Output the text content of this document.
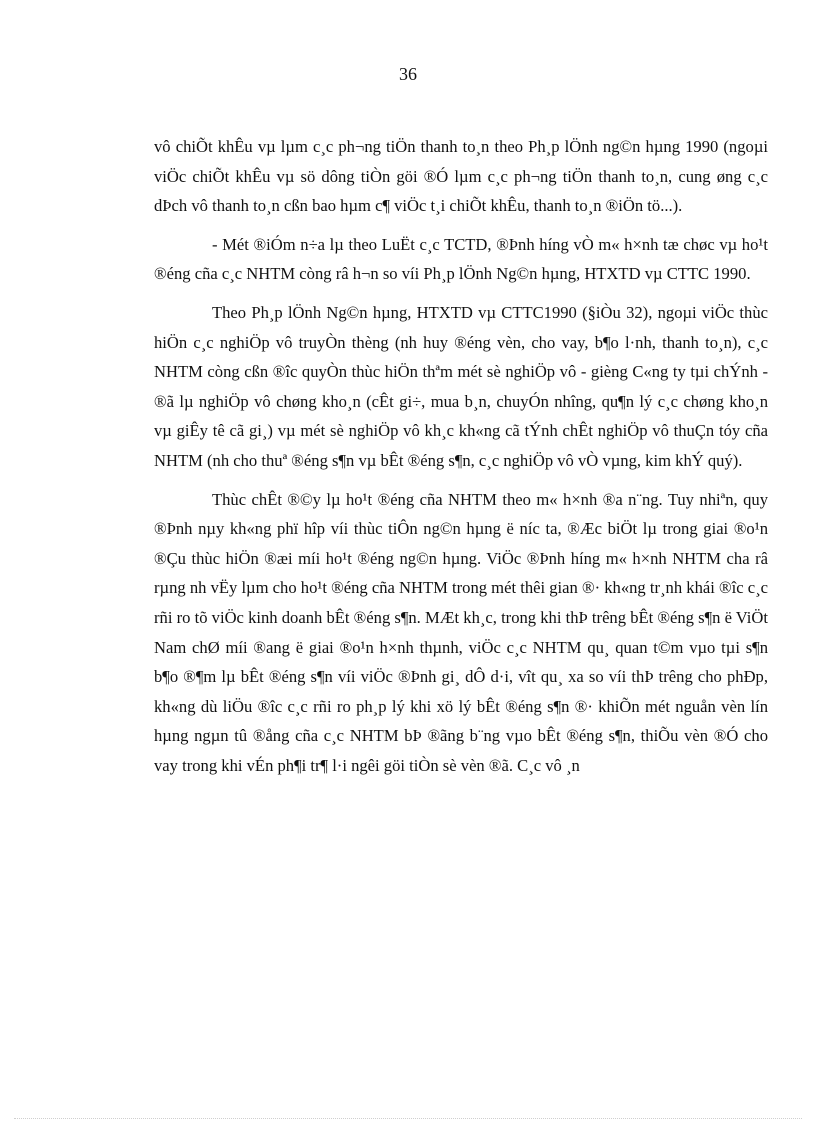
36

vô chiÕt khÊu vµ lµm c¸c ph¬ng tiÖn thanh to¸n theo Ph¸p lÖnh ng©n hµng 1990 (ngoµi viÖc chiÕt khÊu vµ sö dông tiÒn göi ®Ó lµm c¸c ph¬ng tiÖn thanh to¸n, cung øng c¸c dÞch vô thanh to¸n cßn bao hµm c¶ viÖc t¸i chiÕt khÊu, thanh to¸n ®iÖn tö...).

- Mét ®iÓm n÷a lµ theo LuËt c¸c TCTD, ®Þnh híng vÒ m« h×nh tæ chøc vµ ho¹t ®éng cña c¸c NHTM còng râ h¬n so víi Ph¸p lÖnh Ng©n hµng, HTXTD vµ CTTC 1990.

Theo Ph¸p lÖnh Ng©n hµng, HTXTD vµ CTTC1990 (§iÒu 32), ngoµi viÖc thùc hiÖn c¸c nghiÖp vô truyÒn thèng (nh huy ®éng vèn, cho vay, b¶o l·nh, thanh to¸n), c¸c NHTM còng cßn ®îc quyÒn thùc hiÖn thªm mét sè nghiÖp vô - gièng C«ng ty tµi chÝnh - ®ã lµ nghiÖp vô chøng kho¸n (cÊt gi÷, mua b¸n, chuyÓn nhîng, qu¶n lý c¸c chøng kho¸n vµ giÊy tê cã gi¸) vµ mét sè nghiÖp vô kh¸c kh«ng cã tÝnh chÊt nghiÖp vô thuÇn tóy cña NHTM (nh cho thuª ®éng s¶n vµ bÊt ®éng s¶n, c¸c nghiÖp vô vÒ vµng, kim khÝ quý).

Thùc chÊt ®©y lµ ho¹t ®éng cña NHTM theo m« h×nh ®a n¨ng. Tuy nhiªn, quy ®Þnh nµy kh«ng phï hîp víi thùc tiÔn ng©n hµng ë níc ta, ®Æc biÖt lµ trong giai ®o¹n ®Çu thùc hiÖn ®æi míi ho¹t ®éng ng©n hµng. ViÖc ®Þnh híng m« h×nh NHTM cha râ rµng nh vËy lµm cho ho¹t ®éng cña NHTM trong mét thêi gian ®· kh«ng tr¸nh khái ®îc c¸c rñi ro tõ viÖc kinh doanh bÊt ®éng s¶n. MÆt kh¸c, trong khi thÞ trêng bÊt ®éng s¶n ë ViÖt Nam chØ míi ®ang ë giai ®o¹n h×nh thµnh, viÖc c¸c NHTM qu¸ quan t©m vµo tµi s¶n b¶o ®¶m lµ bÊt ®éng s¶n víi viÖc ®Þnh gi¸ dÔ d·i, vît qu¸ xa so víi thÞ trêng cho phÐp, kh«ng dù liÖu ®îc c¸c rñi ro ph¸p lý khi xö lý bÊt ®éng s¶n ®· khiÕn mét nguån vèn lín hµng ngµn tû ®ång cña c¸c NHTM bÞ ®ãng b¨ng vµo bÊt ®éng s¶n, thiÕu vèn ®Ó cho vay trong khi vÉn ph¶i tr¶ l·i ngêi göi tiÒn sè vèn ®ã. C¸c vô ¸n
